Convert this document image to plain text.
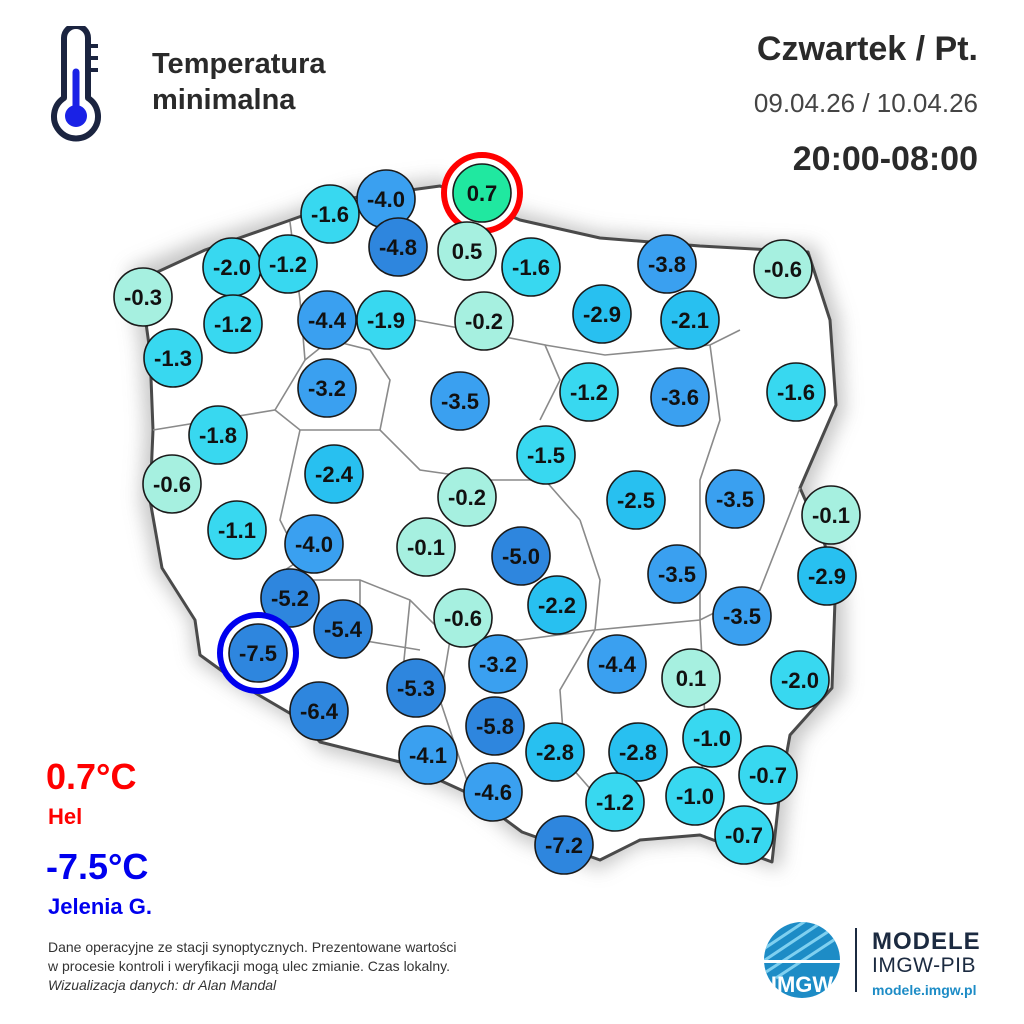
0.7
-4.0
-1.6
-4.8 0.5
-2.0 -1.2
-0.3
-1.6	-3.8	-0.6
-1.2	-4.4 -1.9	-0.2	-2.9 -2.1
-1.3
-3.2
-3.5	-1.2 -3.6	-1.6
-1.8
-1.5
-0.6	-2.4
-0.2	-2.5	-3.5
-0.1
-1.1
-4.0	-0.1	-5.0
-3.5	-2.9
-5.2	-2.2
-0.6
-5.4
-3.5
-7.5	-3.2	-4.4
0.1	-2.0
-5.3
-6.4
-5.8	-1.0
-4.1	-2.8 -2.8
-0.7
-4.6	-1.2 -1.0
-0.7
-7.2
Temperatura
minimalna
Czwartek / Pt.
09.04.26 / 10.04.26
20:00-08:00
0.7°C
Hel
-7.5°C
Jelenia G.
Dane operacyjne ze stacji synoptycznych. Prezentowane wartości
w procesie kontroli i weryfikacji mogą ulec zmianie. Czas lokalny.
Wizualizacja danych: dr Alan Mandal	IMGW
MODELE
IMGW-PIB
modele.imgw.pl
